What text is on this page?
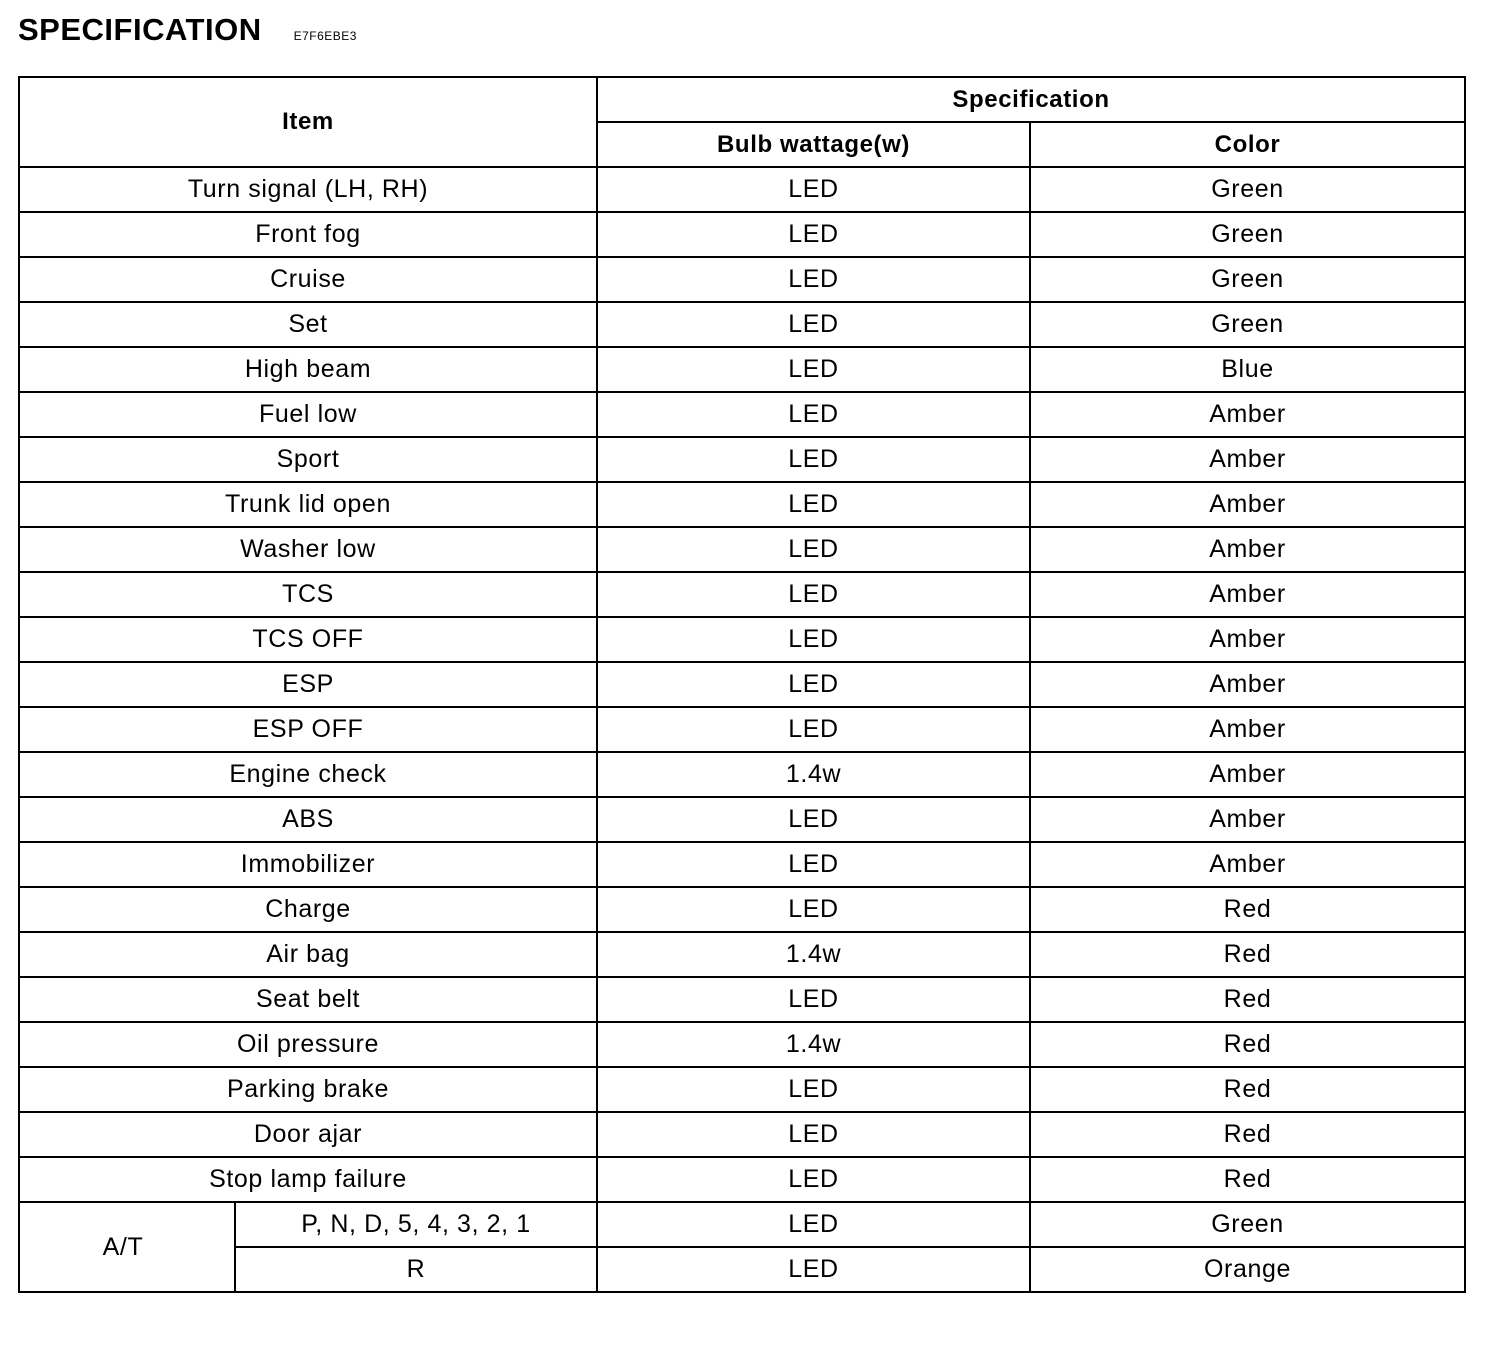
SPECIFICATION	E7F6EBE3
Item		Specification	
		Bulb wattage(w)	Color
Turn signal (LH, RH)		LED	Green
Front fog		LED	Green
Cruise		LED	Green
Set		LED	Green
High beam		LED	Blue
Fuel low		LED	Amber
Sport		LED	Amber
Trunk lid open		LED	Amber
Washer low		LED	Amber
TCS		LED	Amber
TCS OFF		LED	Amber
ESP		LED	Amber
ESP OFF		LED	Amber
Engine check		1.4w	Amber
ABS		LED	Amber
Immobilizer		LED	Amber
Charge		LED	Red
Air bag		1.4w	Red
Seat belt		LED	Red
Oil pressure		1.4w	Red
Parking brake		LED	Red
Door ajar		LED	Red
Stop lamp failure		LED	Red
A/T	P, N, D, 5, 4, 3, 2, 1	LED	Green
	R	LED	Orange
